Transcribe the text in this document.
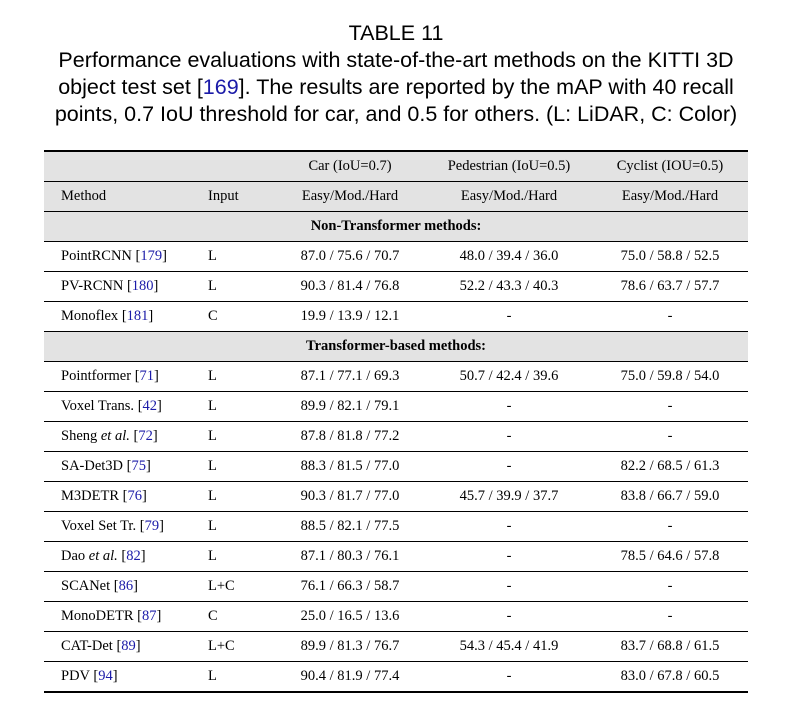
TABLE 11
Performance evaluations with state-of-the-art methods on the KITTI 3D
object test set [169]. The results are reported by the mAP with 40 recall
points, 0.7 IoU threshold for car, and 0.5 for others. (L: LiDAR, C: Color)
		Car (IoU=0.7)	Pedestrian (IoU=0.5)	Cyclist (IOU=0.5)
Method	Input	Easy/Mod./Hard	Easy/Mod./Hard	Easy/Mod./Hard
Non-Transformer methods:				
PointRCNN [179]	L	87.0 / 75.6 / 70.7	48.0 / 39.4 / 36.0	75.0 / 58.8 / 52.5
PV-RCNN [180]	L	90.3 / 81.4 / 76.8	52.2 / 43.3 / 40.3	78.6 / 63.7 / 57.7
Monoflex [181]	C	19.9 / 13.9 / 12.1	-	-
Transformer-based methods:				
Pointformer [71]	L	87.1 / 77.1 / 69.3	50.7 / 42.4 / 39.6	75.0 / 59.8 / 54.0
Voxel Trans. [42]	L	89.9 / 82.1 / 79.1	-	-
Sheng et al. [72]	L	87.8 / 81.8 / 77.2	-	-
SA-Det3D [75]	L	88.3 / 81.5 / 77.0	-	82.2 / 68.5 / 61.3
M3DETR [76]	L	90.3 / 81.7 / 77.0	45.7 / 39.9 / 37.7	83.8 / 66.7 / 59.0
Voxel Set Tr. [79]	L	88.5 / 82.1 / 77.5	-	-
Dao et al. [82]	L	87.1 / 80.3 / 76.1	-	78.5 / 64.6 / 57.8
SCANet [86]	L+C	76.1 / 66.3 / 58.7	-	-
MonoDETR [87]	C	25.0 / 16.5 / 13.6	-	-
CAT-Det [89]	L+C	89.9 / 81.3 / 76.7	54.3 / 45.4 / 41.9	83.7 / 68.8 / 61.5
PDV [94]	L	90.4 / 81.9 / 77.4	-	83.0 / 67.8 / 60.5
